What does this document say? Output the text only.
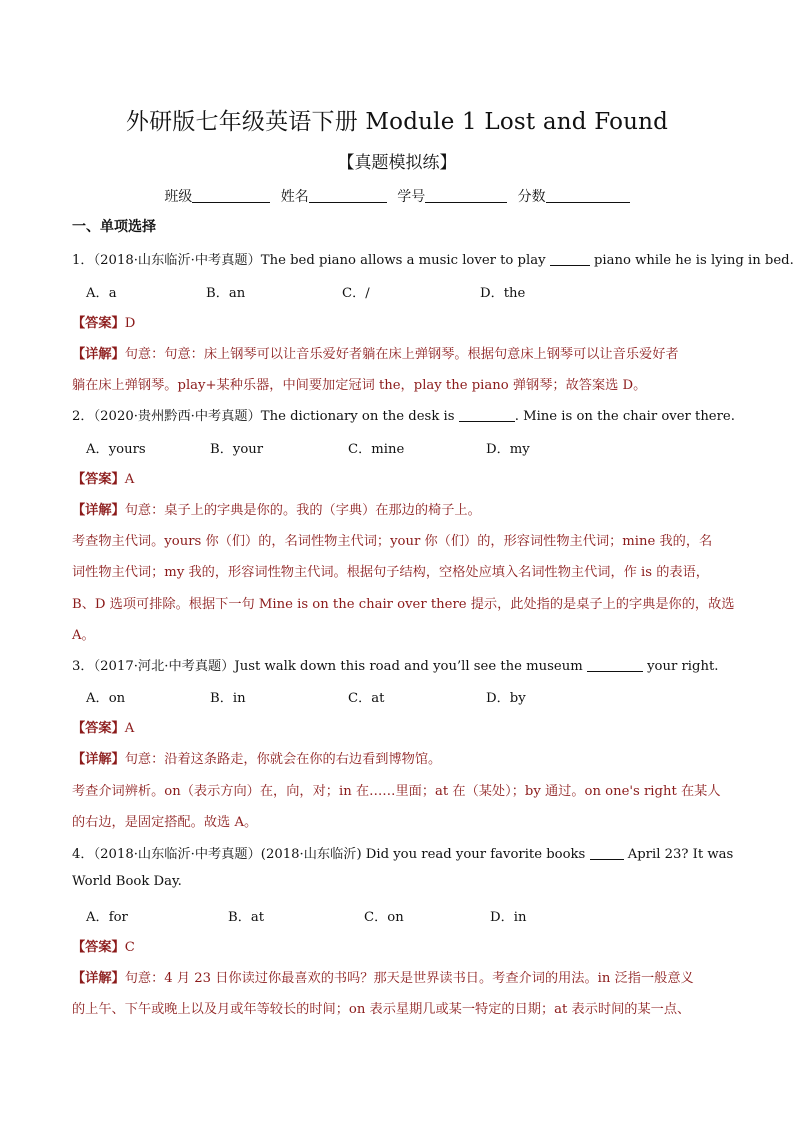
外研版七年级英语下册 Module 1 Lost and Found
【真题模拟练】
班级	姓名	学号	分数
一、单项选择
1．（2018·山东临沂·中考真题）The bed piano allows a music lover to play	piano while he is lying in bed.
A．a	B．an	C．/	D．the
【答案】D
【详解】句意：句意：床上钢琴可以让音乐爱好者躺在床上弹钢琴。根据句意床上钢琴可以让音乐爱好者
躺在床上弹钢琴。play+某种乐器，中间要加定冠词 the，play the piano 弹钢琴；故答案选 D。
2．（2020·贵州黔西·中考真题）The dictionary on the desk is	. Mine is on the chair over there.
A．yours	B．your	C．mine	D．my
【答案】A
【详解】句意：桌子上的字典是你的。我的（字典）在那边的椅子上。
考查物主代词。yours 你（们）的，名词性物主代词；your 你（们）的，形容词性物主代词；mine 我的，名
词性物主代词；my 我的，形容词性物主代词。根据句子结构，空格处应填入名词性物主代词，作 is 的表语，
B、D 选项可排除。根据下一句 Mine is on the chair over there 提示，此处指的是桌子上的字典是你的，故选
A。
3．（2017·河北·中考真题）Just walk down this road and you’ll see the museum	your right.
A．on	B．in	C．at	D．by
【答案】A
【详解】句意：沿着这条路走，你就会在你的右边看到博物馆。
考查介词辨析。on（表示方向）在，向，对；in 在……里面；at 在（某处）；by 通过。on one's right 在某人
的右边，是固定搭配。故选 A。
4．（2018·山东临沂·中考真题）(2018·山东临沂) Did you read your favorite books	April 23? It was
World Book Day.
A．for	B．at	C．on	D．in
【答案】C
【详解】句意：4 月 23 日你读过你最喜欢的书吗？那天是世界读书日。考查介词的用法。in 泛指一般意义
的上午、下午或晚上以及月或年等较长的时间；on 表示星期几或某一特定的日期；at 表示时间的某一点、
